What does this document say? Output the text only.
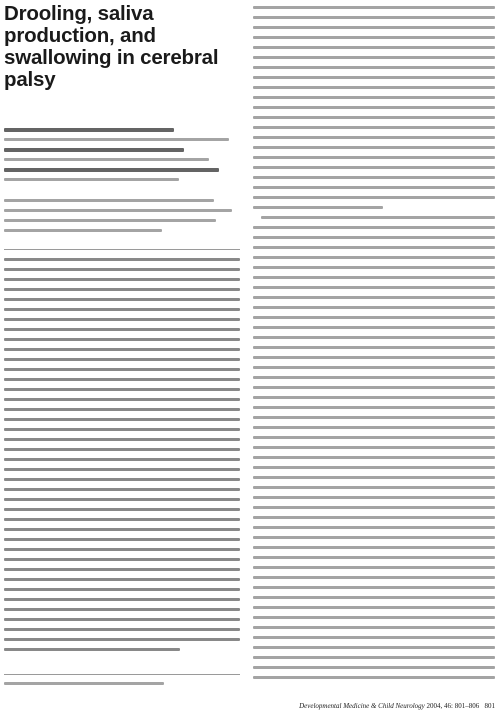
Drooling, saliva production, and swallowing in cerebral palsy
Developmental Medicine & Child Neurology 2004, 46: 801–806 801
